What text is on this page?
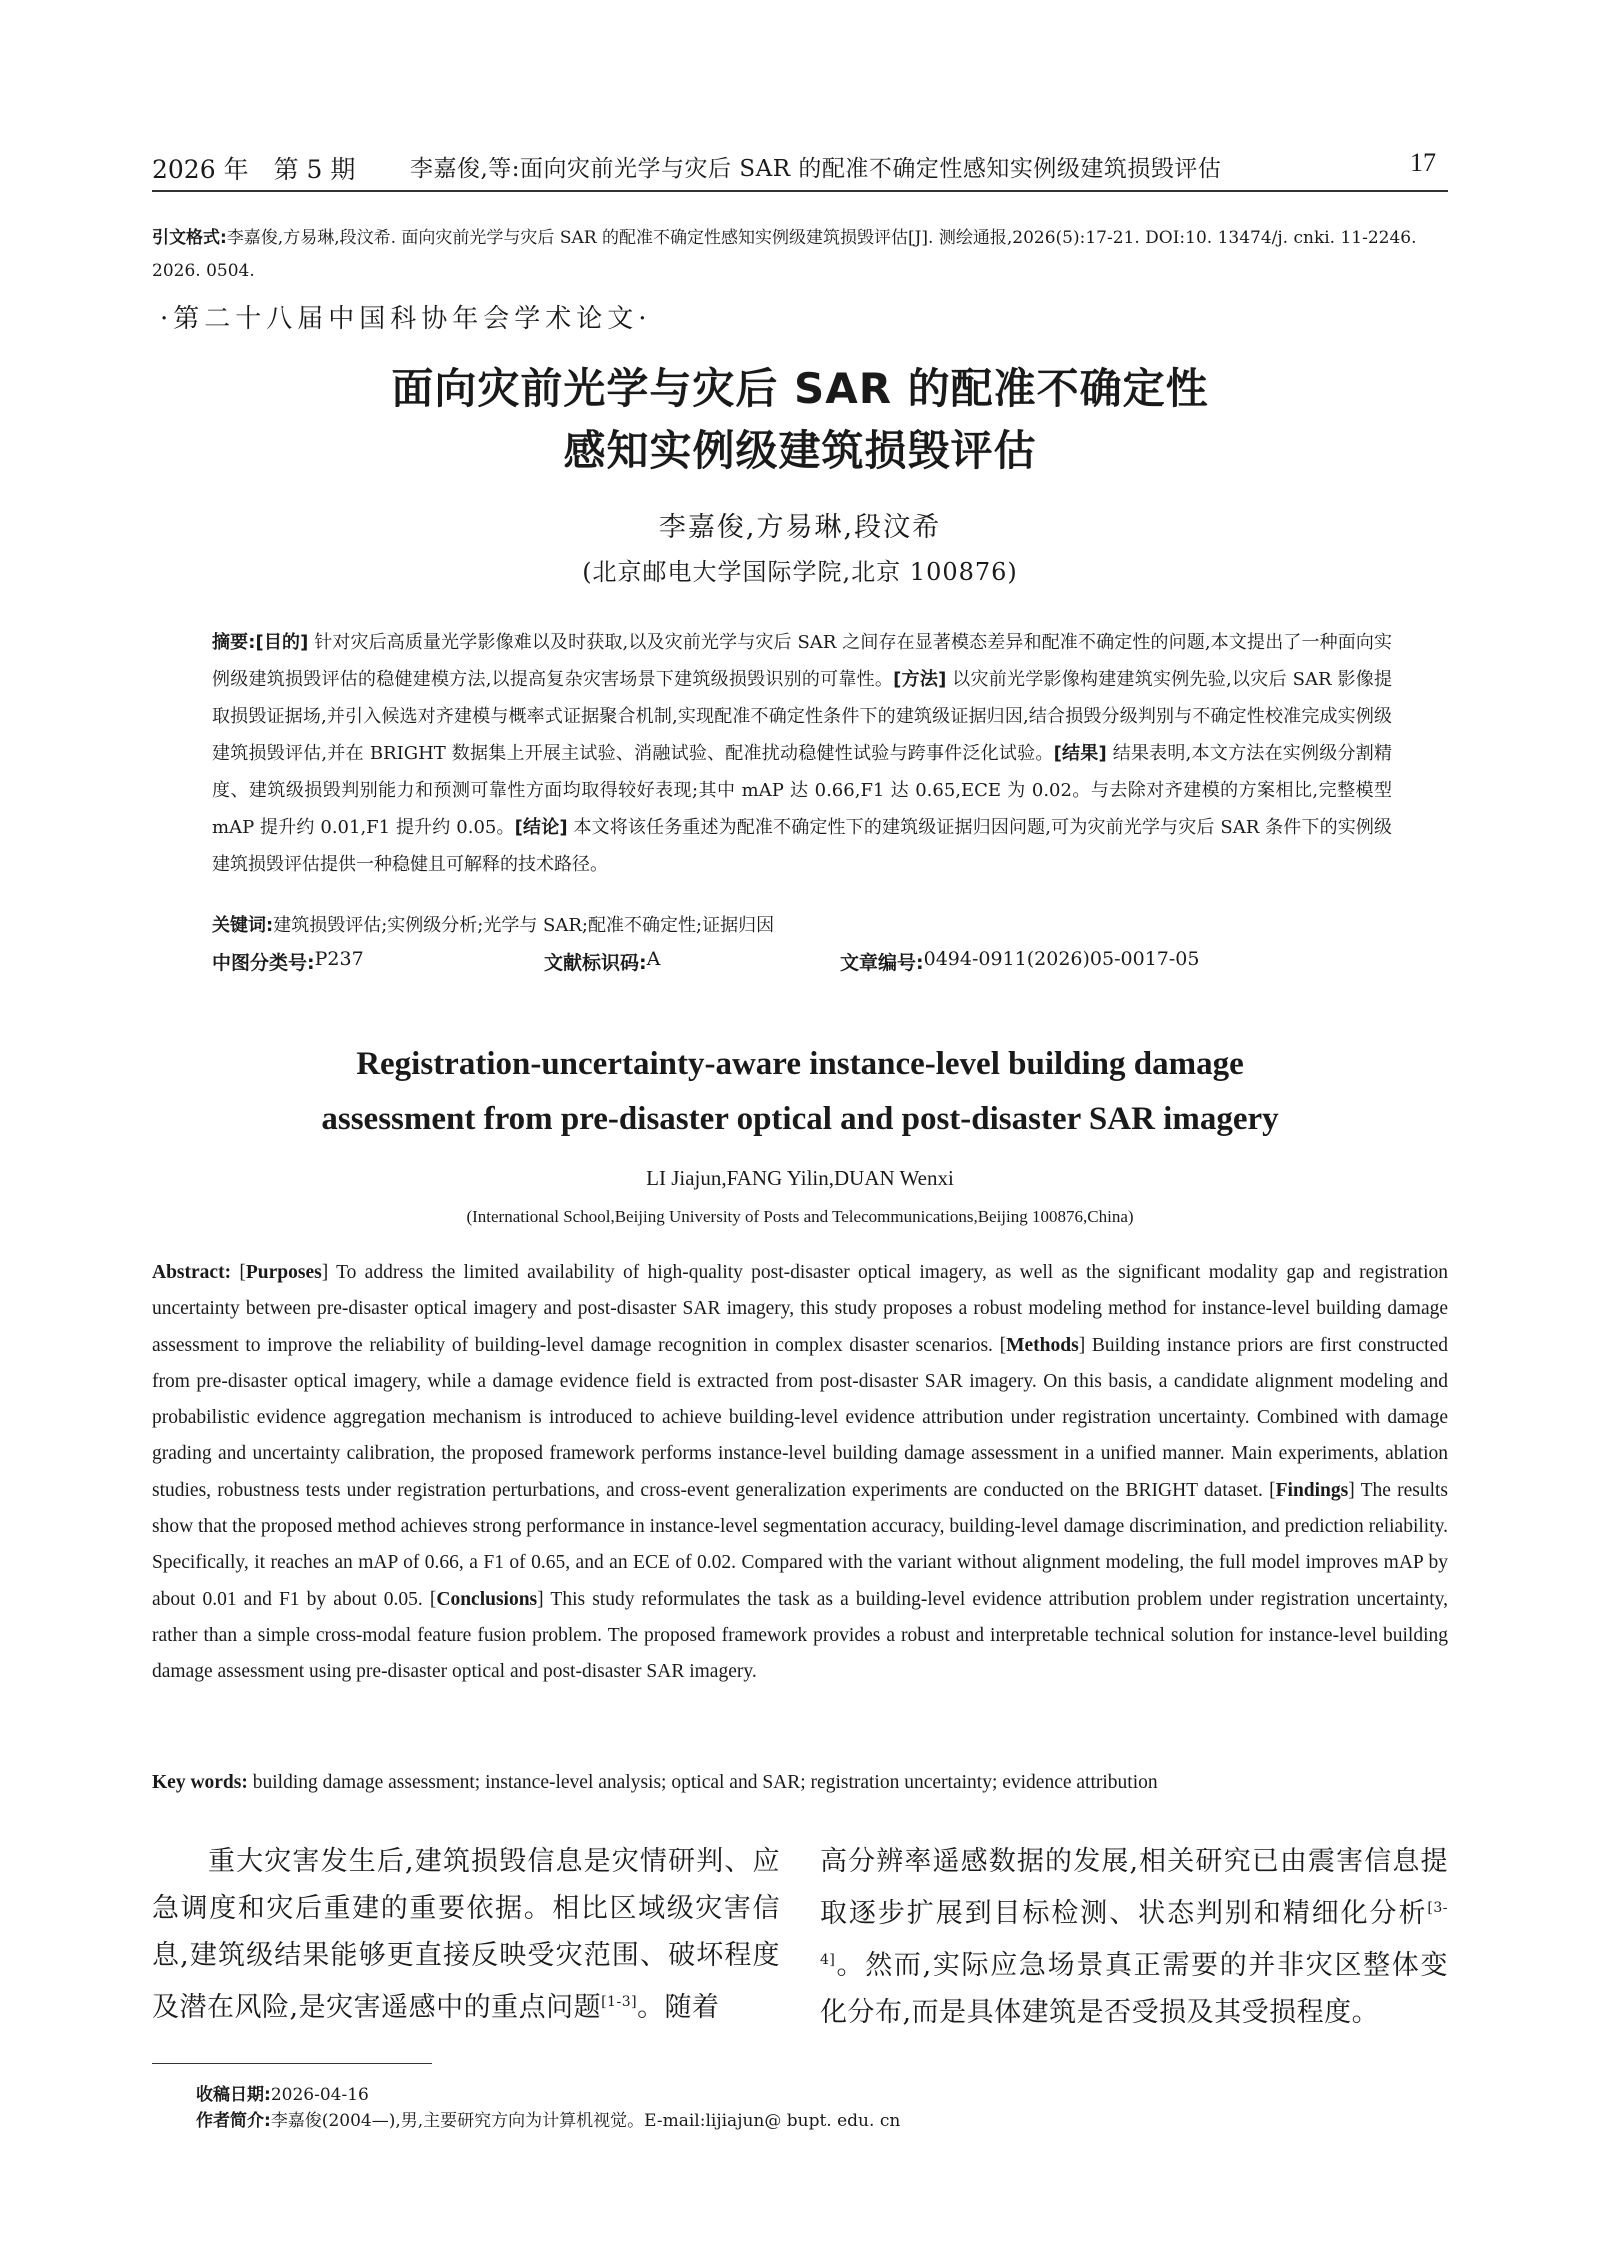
2026 年　第 5 期 李嘉俊,等:面向灾前光学与灾后 SAR 的配准不确定性感知实例级建筑损毁评估	17
引文格式:李嘉俊,方易琳,段汶希. 面向灾前光学与灾后 SAR 的配准不确定性感知实例级建筑损毁评估[J]. 测绘通报,2026(5):17-21. DOI:10. 13474/j. cnki. 11-2246. 2026. 0504.
·第二十八届中国科协年会学术论文·
面向灾前光学与灾后 SAR 的配准不确定性
感知实例级建筑损毁评估
李嘉俊,方易琳,段汶希
(北京邮电大学国际学院,北京 100876)
摘要:[目的] 针对灾后高质量光学影像难以及时获取,以及灾前光学与灾后 SAR 之间存在显著模态差异和配准不确定性的问题,本文提出了一种面向实例级建筑损毁评估的稳健建模方法,以提高复杂灾害场景下建筑级损毁识别的可靠性。[方法] 以灾前光学影像构建建筑实例先验,以灾后 SAR 影像提取损毁证据场,并引入候选对齐建模与概率式证据聚合机制,实现配准不确定性条件下的建筑级证据归因,结合损毁分级判别与不确定性校准完成实例级建筑损毁评估,并在 BRIGHT 数据集上开展主试验、消融试验、配准扰动稳健性试验与跨事件泛化试验。[结果] 结果表明,本文方法在实例级分割精度、建筑级损毁判别能力和预测可靠性方面均取得较好表现;其中 mAP 达 0.66,F1 达 0.65,ECE 为 0.02。与去除对齐建模的方案相比,完整模型 mAP 提升约 0.01,F1 提升约 0.05。[结论] 本文将该任务重述为配准不确定性下的建筑级证据归因问题,可为灾前光学与灾后 SAR 条件下的实例级建筑损毁评估提供一种稳健且可解释的技术路径。
关键词:建筑损毁评估;实例级分析;光学与 SAR;配准不确定性;证据归因
中图分类号: P237	文献标识码: A	文章编号: 0494-0911(2026)05-0017-05
Registration-uncertainty-aware instance-level building damage
assessment from pre-disaster optical and post-disaster SAR imagery
LI Jiajun,FANG Yilin,DUAN Wenxi
(International School,Beijing University of Posts and Telecommunications,Beijing 100876,China)
Abstract: [Purposes] To address the limited availability of high-quality post-disaster optical imagery, as well as the significant modality gap and registration uncertainty between pre-disaster optical imagery and post-disaster SAR imagery, this study proposes a robust modeling method for instance-level building damage assessment to improve the reliability of building-level damage recognition in complex disaster scenarios. [Methods] Building instance priors are first constructed from pre-disaster optical imagery, while a damage evidence field is extracted from post-disaster SAR imagery. On this basis, a candidate alignment modeling and probabilistic evidence aggregation mechanism is introduced to achieve building-level evidence attribution under registration uncertainty. Combined with damage grading and uncertainty calibration, the proposed framework performs instance-level building damage assessment in a unified manner. Main experiments, ablation studies, robustness tests under registration perturbations, and cross-event generalization experiments are conducted on the BRIGHT dataset. [Findings] The results show that the proposed method achieves strong performance in instance-level segmentation accuracy, building-level damage discrimination, and prediction reliability. Specifically, it reaches an mAP of 0.66, a F1 of 0.65, and an ECE of 0.02. Compared with the variant without alignment modeling, the full model improves mAP by about 0.01 and F1 by about 0.05. [Conclusions] This study reformulates the task as a building-level evidence attribution problem under registration uncertainty, rather than a simple cross-modal feature fusion problem. The proposed framework provides a robust and interpretable technical solution for instance-level building damage assessment using pre-disaster optical and post-disaster SAR imagery.
Key words: building damage assessment; instance-level analysis; optical and SAR; registration uncertainty; evidence attribution
重大灾害发生后,建筑损毁信息是灾情研判、应急调度和灾后重建的重要依据。相比区域级灾害信息,建筑级结果能够更直接反映受灾范围、破坏程度及潜在风险,是灾害遥感中的重点问题[1-3]。随着
高分辨率遥感数据的发展,相关研究已由震害信息提取逐步扩展到目标检测、状态判别和精细化分析[3-4]。然而,实际应急场景真正需要的并非灾区整体变化分布,而是具体建筑是否受损及其受损程度。
收稿日期:2026-04-16
作者简介:李嘉俊(2004—),男,主要研究方向为计算机视觉。E-mail:lijiajun@ bupt. edu. cn
